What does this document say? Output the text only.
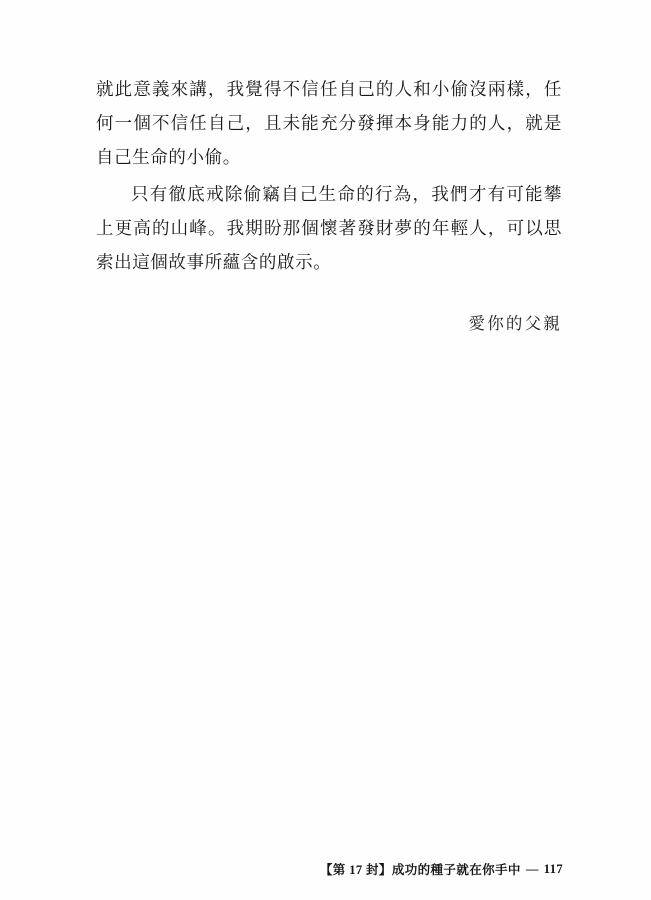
就此意義來講，我覺得不信任自己的人和小偷沒兩樣，任何一個不信任自己，且未能充分發揮本身能力的人，就是自己生命的小偷。

只有徹底戒除偷竊自己生命的行為，我們才有可能攀上更高的山峰。我期盼那個懷著發財夢的年輕人，可以思索出這個故事所蘊含的啟示。

愛你的父親
【第 17 封】成功的種子就在你手中 — 117
